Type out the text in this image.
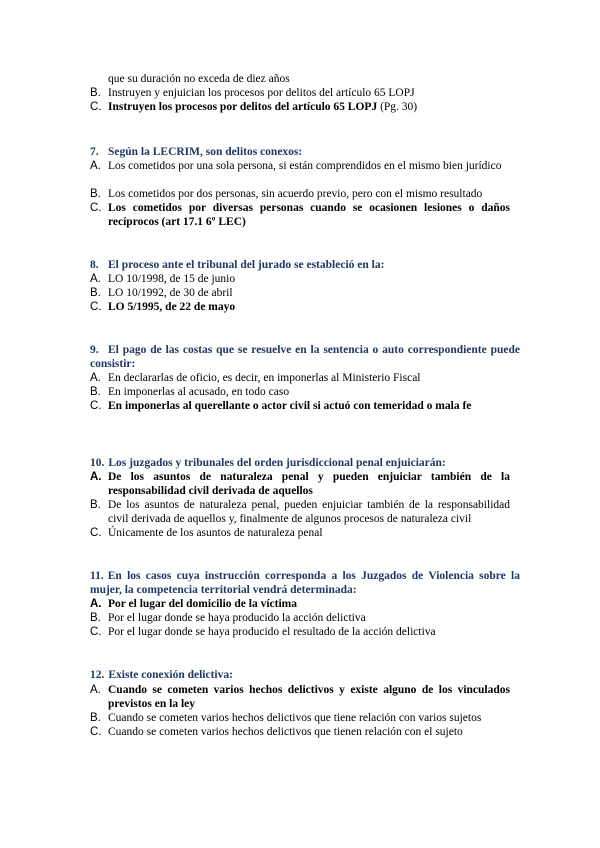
que su duración no exceda de diez años
B. Instruyen y enjuician los procesos por delitos del artículo 65 LOPJ
C. Instruyen los procesos por delitos del artículo 65 LOPJ (Pg. 30)
7. Según la LECRIM, son delitos conexos:
A. Los cometidos por una sola persona, si están comprendidos en el mismo bien jurídico
B. Los cometidos por dos personas, sin acuerdo previo, pero con el mismo resultado
C. Los cometidos por diversas personas cuando se ocasionen lesiones o daños recíprocos (art 17.1 6º LEC)
8. El proceso ante el tribunal del jurado se estableció en la:
A. LO 10/1998, de 15 de junio
B. LO 10/1992, de 30 de abril
C. LO 5/1995, de 22 de mayo
9. El pago de las costas que se resuelve en la sentencia o auto correspondiente puede consistir:
A. En declararlas de oficio, es decir, en imponerlas al Ministerio Fiscal
B. En imponerlas al acusado, en todo caso
C. En imponerlas al querellante o actor civil si actuó con temeridad o mala fe
10. Los juzgados y tribunales del orden jurisdiccional penal enjuiciarán:
A. De los asuntos de naturaleza penal y pueden enjuiciar también de la responsabilidad civil derivada de aquellos
B. De los asuntos de naturaleza penal, pueden enjuiciar también de la responsabilidad civil derivada de aquellos y, finalmente de algunos procesos de naturaleza civil
C. Únicamente de los asuntos de naturaleza penal
11. En los casos cuya instrucción corresponda a los Juzgados de Violencia sobre la mujer, la competencia territorial vendrá determinada:
A. Por el lugar del domicilio de la víctima
B. Por el lugar donde se haya producido la acción delictiva
C. Por el lugar donde se haya producido el resultado de la acción delictiva
12. Existe conexión delictiva:
A. Cuando se cometen varios hechos delictivos y existe alguno de los vinculados previstos en la ley
B. Cuando se cometen varios hechos delictivos que tiene relación con varios sujetos
C. Cuando se cometen varios hechos delictivos que tienen relación con el sujeto
